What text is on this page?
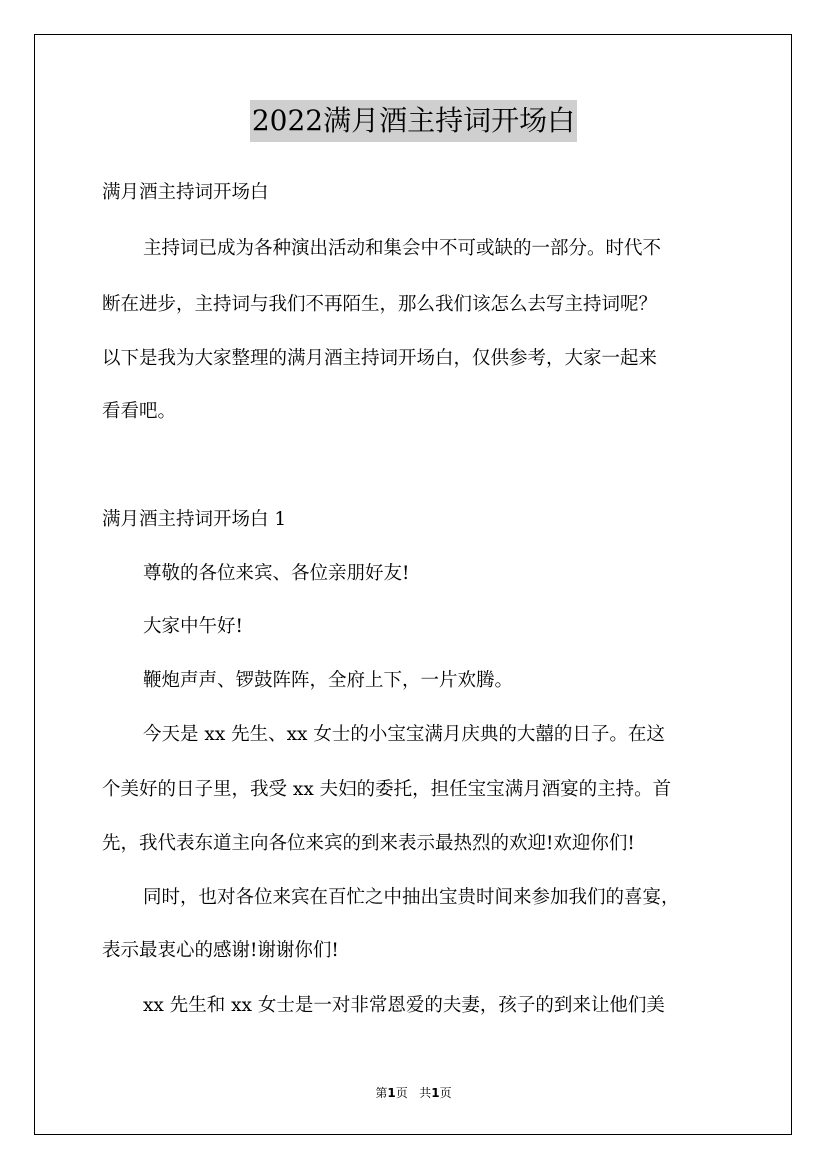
2022满月酒主持词开场白
满月酒主持词开场白
主持词已成为各种演出活动和集会中不可或缺的一部分。时代不
断在进步，主持词与我们不再陌生，那么我们该怎么去写主持词呢？
以下是我为大家整理的满月酒主持词开场白，仅供参考，大家一起来
看看吧。
满月酒主持词开场白 1
尊敬的各位来宾、各位亲朋好友!
大家中午好!
鞭炮声声、锣鼓阵阵，全府上下，一片欢腾。
今天是 xx 先生、xx 女士的小宝宝满月庆典的大囍的日子。在这
个美好的日子里，我受 xx 夫妇的委托，担任宝宝满月酒宴的主持。首
先，我代表东道主向各位来宾的到来表示最热烈的欢迎!欢迎你们!
同时，也对各位来宾在百忙之中抽出宝贵时间来参加我们的喜宴，
表示最衷心的感谢!谢谢你们!
xx 先生和 xx 女士是一对非常恩爱的夫妻，孩子的到来让他们美
第1页   共1页
